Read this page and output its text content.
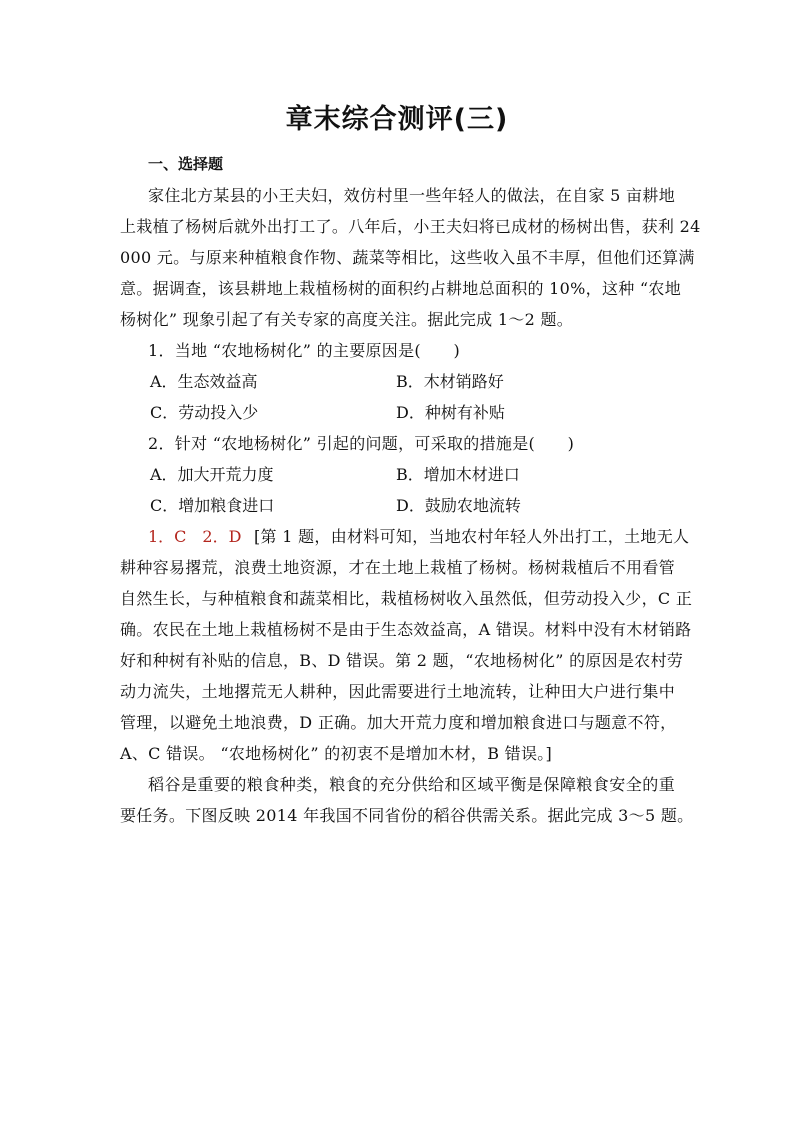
章末综合测评(三)
一、选择题
家住北方某县的小王夫妇，效仿村里一些年轻人的做法，在自家 5 亩耕地
上栽植了杨树后就外出打工了。八年后，小王夫妇将已成材的杨树出售，获利 24
000 元。与原来种植粮食作物、蔬菜等相比，这些收入虽不丰厚，但他们还算满
意。据调查，该县耕地上栽植杨树的面积约占耕地总面积的 10%，这种 “农地
杨树化” 现象引起了有关专家的高度关注。据此完成 1～2 题。
1．当地 “农地杨树化” 的主要原因是(　　)
A．生态效益高	B．木材销路好
C．劳动投入少	D．种树有补贴
2．针对 “农地杨树化” 引起的问题，可采取的措施是(　　)
A．加大开荒力度	B．增加木材进口
C．增加粮食进口	D．鼓励农地流转
1．C　2．D [第 1 题，由材料可知，当地农村年轻人外出打工，土地无人
耕种容易撂荒，浪费土地资源，才在土地上栽植了杨树。杨树栽植后不用看管
自然生长，与种植粮食和蔬菜相比，栽植杨树收入虽然低，但劳动投入少，C 正
确。农民在土地上栽植杨树不是由于生态效益高，A 错误。材料中没有木材销路
好和种树有补贴的信息，B、D 错误。第 2 题，“农地杨树化” 的原因是农村劳
动力流失，土地撂荒无人耕种，因此需要进行土地流转，让种田大户进行集中
管理，以避免土地浪费，D 正确。加大开荒力度和增加粮食进口与题意不符，
A、C 错误。 “农地杨树化” 的初衷不是增加木材，B 错误。]
稻谷是重要的粮食种类，粮食的充分供给和区域平衡是保障粮食安全的重
要任务。下图反映 2014 年我国不同省份的稻谷供需关系。据此完成 3～5 题。
